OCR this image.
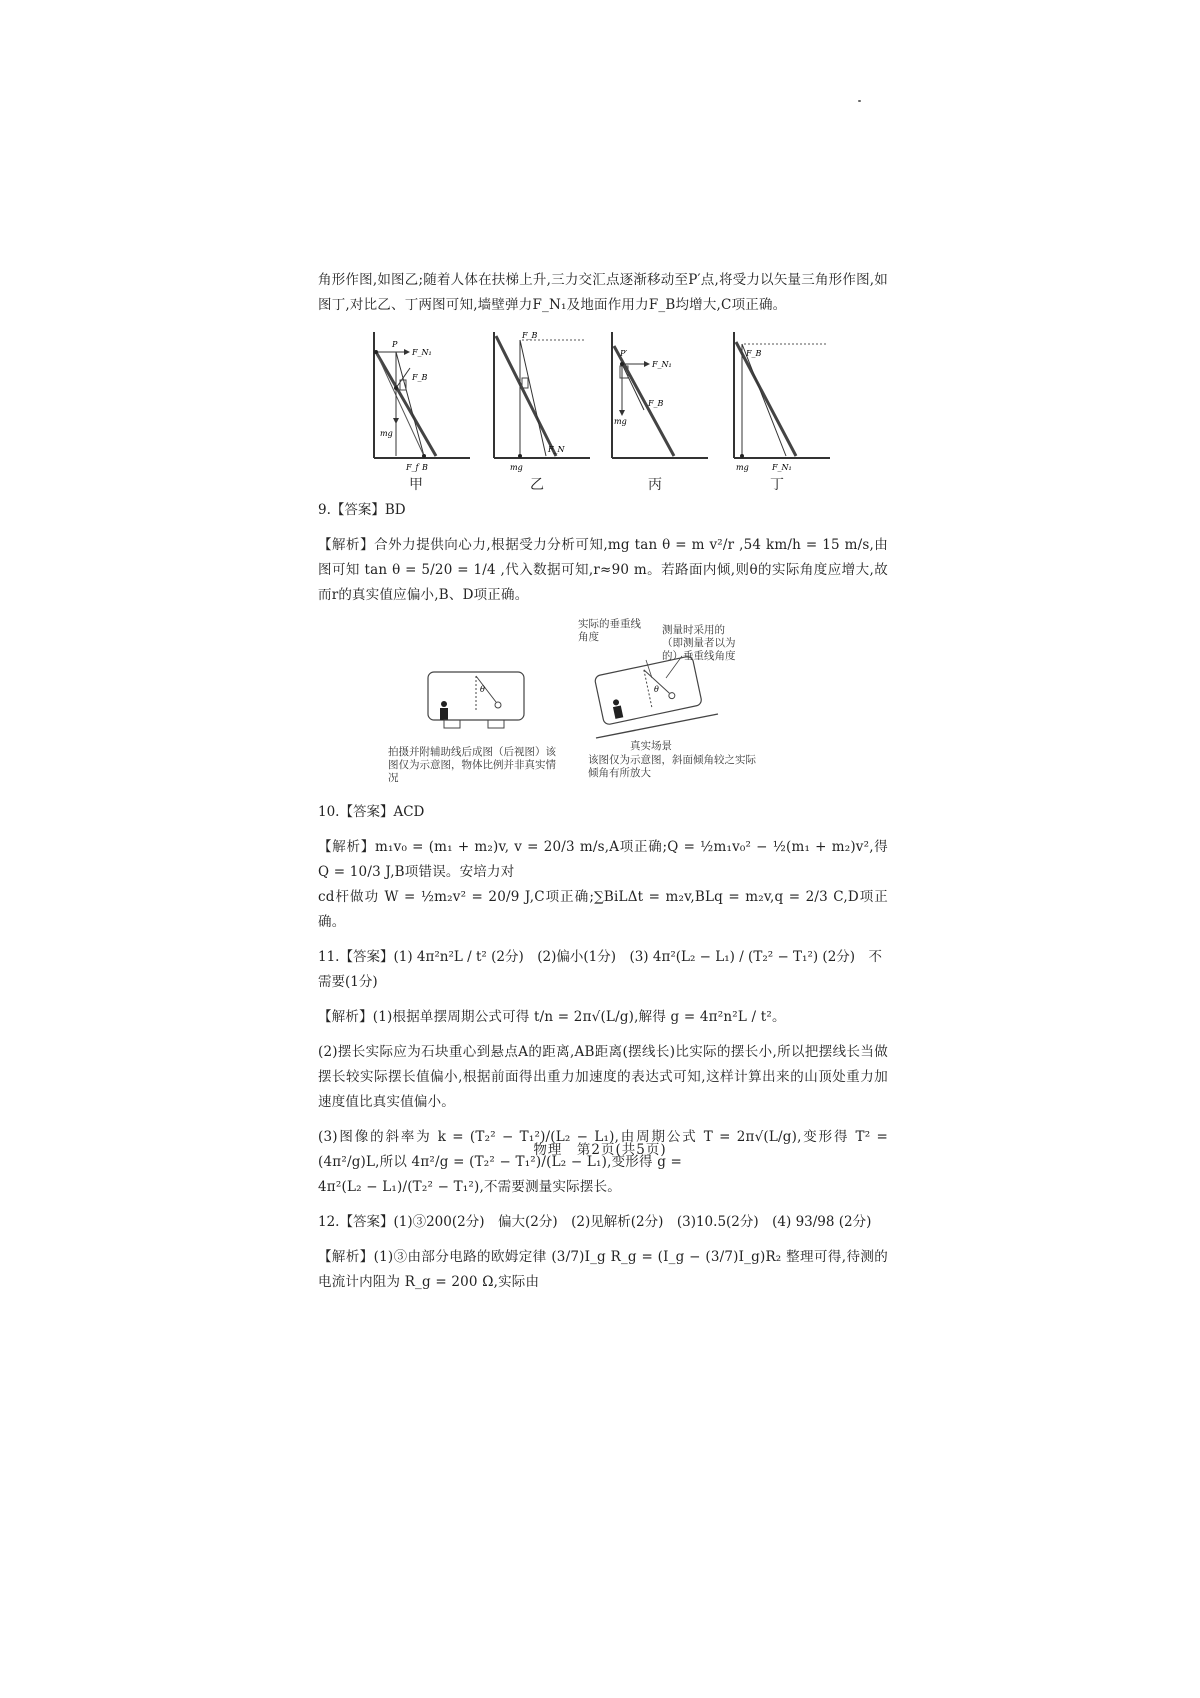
角形作图,如图乙;随着人体在扶梯上升,三力交汇点逐渐移动至P′点,将受力以矢量三角形作图,如图丁,对比乙、丁两图可知,墙壁弹力F_N₁及地面作用力F_B均增大,C项正确。

P
F_N₁
F_B
mg
F_f B
F_B
F_N
mg
P′
F_N₁
F_B
mg
F_B
mg	F_N₁
甲	乙	丙	丁
9.【答案】BD

【解析】合外力提供向心力,根据受力分析可知,mg tan θ = m v²/r ,54 km/h = 15 m/s,由图可知 tan θ = 5/20 = 1/4 ,代入数据可知,r≈90 m。若路面内倾,则θ的实际角度应增大,故而r的真实值应偏小,B、D项正确。

θ	θ
实际的垂重线角度
测量时采用的（即测量者以为的）垂重线角度
真实场景
拍摄并附辅助线后成图（后视图）该图仅为示意图，物体比例并非真实情况
该图仅为示意图，斜面倾角较之实际倾角有所放大
10.【答案】ACD

【解析】m₁v₀ = (m₁ + m₂)v, v = 20/3 m/s,A项正确;Q = ½m₁v₀² − ½(m₁ + m₂)v²,得 Q = 10/3 J,B项错误。安培力对

cd杆做功 W = ½m₂v² = 20/9 J,C项正确;∑BiLΔt = m₂v,BLq = m₂v,q = 2/3 C,D项正确。

11.【答案】(1) 4π²n²L / t² (2分)　(2)偏小(1分)　(3) 4π²(L₂ − L₁) / (T₂² − T₁²) (2分)　不需要(1分)

【解析】(1)根据单摆周期公式可得 t/n = 2π√(L/g),解得 g = 4π²n²L / t²。

(2)摆长实际应为石块重心到悬点A的距离,AB距离(摆线长)比实际的摆长小,所以把摆线长当做摆长较实际摆长值偏小,根据前面得出重力加速度的表达式可知,这样计算出来的山顶处重力加速度值比真实值偏小。

(3)图像的斜率为 k = (T₂² − T₁²)/(L₂ − L₁),由周期公式 T = 2π√(L/g),变形得 T² = (4π²/g)L,所以 4π²/g = (T₂² − T₁²)/(L₂ − L₁),变形得 g =

4π²(L₂ − L₁)/(T₂² − T₁²),不需要测量实际摆长。

12.【答案】(1)③200(2分)　偏大(2分)　(2)见解析(2分)　(3)10.5(2分)　(4) 93/98 (2分)

【解析】(1)③由部分电路的欧姆定律 (3/7)I_g R_g = (I_g − (3/7)I_g)R₂ 整理可得,待测的电流计内阻为 R_g = 200 Ω,实际由

物理　第2页(共5页)
